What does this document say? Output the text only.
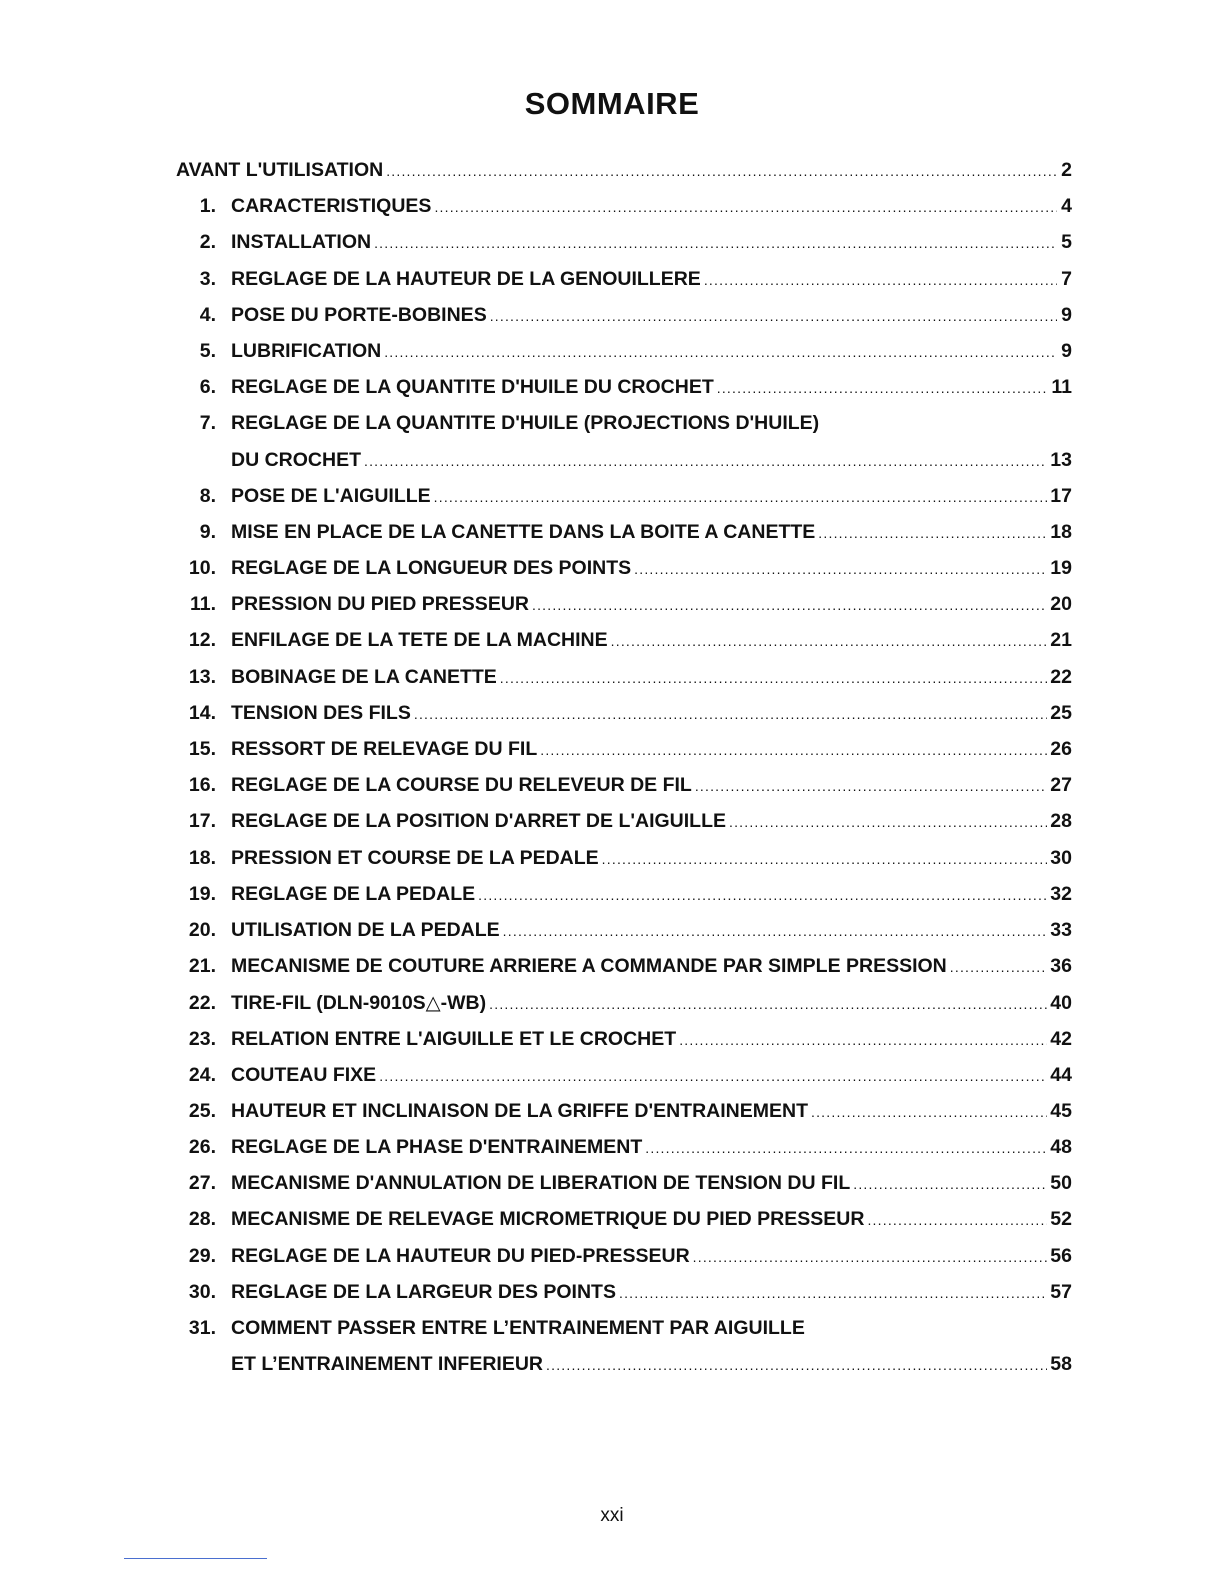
SOMMAIRE
AVANT L'UTILISATION .....	2
1. CARACTERISTIQUES .....	4
2. INSTALLATION .....	5
3. REGLAGE DE LA HAUTEUR DE LA GENOUILLERE .....	7
4. POSE DU PORTE-BOBINES .....	9
5. LUBRIFICATION .....	9
6. REGLAGE DE LA QUANTITE D'HUILE DU CROCHET .....	11
7. REGLAGE DE LA QUANTITE D'HUILE (PROJECTIONS D'HUILE)
DU CROCHET .....	13
8. POSE DE L'AIGUILLE .....	17
9. MISE EN PLACE DE LA CANETTE DANS LA BOITE A CANETTE .....	18
10. REGLAGE DE LA LONGUEUR DES POINTS .....	19
11. PRESSION DU PIED PRESSEUR .....	20
12. ENFILAGE DE LA TETE DE LA MACHINE .....	21
13. BOBINAGE DE LA CANETTE .....	22
14. TENSION DES FILS .....	25
15. RESSORT DE RELEVAGE DU FIL .....	26
16. REGLAGE DE LA COURSE DU RELEVEUR DE FIL .....	27
17. REGLAGE DE LA POSITION D'ARRET DE L'AIGUILLE .....	28
18. PRESSION ET COURSE DE LA PEDALE .....	30
19. REGLAGE DE LA PEDALE .....	32
20. UTILISATION DE LA PEDALE .....	33
21. MECANISME DE COUTURE ARRIERE A COMMANDE PAR SIMPLE PRESSION .....	36
22. TIRE-FIL (DLN-9010S△-WB) .....	40
23. RELATION ENTRE L'AIGUILLE ET LE CROCHET .....	42
24. COUTEAU FIXE .....	44
25. HAUTEUR ET INCLINAISON DE LA GRIFFE D'ENTRAINEMENT .....	45
26. REGLAGE DE LA PHASE D'ENTRAINEMENT .....	48
27. MECANISME D'ANNULATION DE LIBERATION DE TENSION DU FIL .....	50
28. MECANISME DE RELEVAGE MICROMETRIQUE DU PIED PRESSEUR .....	52
29. REGLAGE DE LA HAUTEUR DU PIED-PRESSEUR .....	56
30. REGLAGE DE LA LARGEUR DES POINTS .....	57
31. COMMENT PASSER ENTRE L’ENTRAINEMENT PAR AIGUILLE
ET L’ENTRAINEMENT INFERIEUR .....	58
xxi
